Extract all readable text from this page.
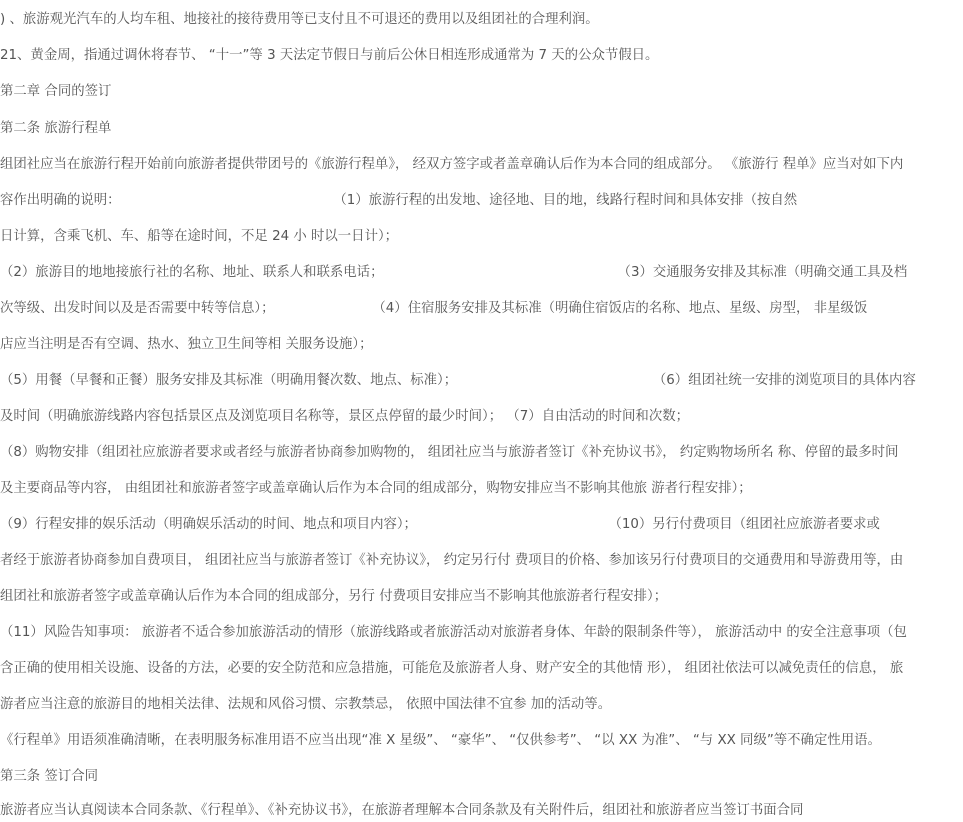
) 、旅游观光汽车的人均车租、地接社的接待费用等已支付且不可退还的费用以及组团社的合理利润。
21、黄金周，指通过调休将春节、 “十一”等 3 天法定节假日与前后公休日相连形成通常为 7 天的公众节假日。
第二章 合同的签订
第二条 旅游行程单
组团社应当在旅游行程开始前向旅游者提供带团号的《旅游行程单》， 经双方签字或者盖章确认后作为本合同的组成部分。 《旅游行 程单》应当对如下内
容作出明确的说明：                                                  （1）旅游行程的出发地、途径地、目的地，线路行程时间和具体安排（按自然
日计算，含乘飞机、车、船等在途时间，不足 24 小 时以一日计）；
（2）旅游目的地地接旅行社的名称、地址、联系人和联系电话；                                                       （3）交通服务安排及其标准（明确交通工具及档
次等级、出发时间以及是否需要中转等信息）；                       （4）住宿服务安排及其标准（明确住宿饭店的名称、地点、星级、房型， 非星级饭
店应当注明是否有空调、热水、独立卫生间等相 关服务设施）；
（5）用餐（早餐和正餐）服务安排及其标准（明确用餐次数、地点、标准）；                                              （6）组团社统一安排的浏览项目的具体内容
及时间（明确旅游线路内容包括景区点及浏览项目名称等，景区点停留的最少时间）； （7）自由活动的时间和次数；
（8）购物安排（组团社应旅游者要求或者经与旅游者协商参加购物的， 组团社应当与旅游者签订《补充协议书》， 约定购物场所名 称、停留的最多时间
及主要商品等内容， 由组团社和旅游者签字或盖章确认后作为本合同的组成部分，购物安排应当不影响其他旅 游者行程安排）；
（9）行程安排的娱乐活动（明确娱乐活动的时间、地点和项目内容）；                                             （10）另行付费项目（组团社应旅游者要求或
者经于旅游者协商参加自费项目， 组团社应当与旅游者签订《补充协议》， 约定另行付 费项目的价格、参加该另行付费项目的交通费用和导游费用等，由
组团社和旅游者签字或盖章确认后作为本合同的组成部分，另行 付费项目安排应当不影响其他旅游者行程安排）；
（11）风险告知事项： 旅游者不适合参加旅游活动的情形（旅游线路或者旅游活动对旅游者身体、年龄的限制条件等）， 旅游活动中 的安全注意事项（包
含正确的使用相关设施、设备的方法，必要的安全防范和应急措施，可能危及旅游者人身、财产安全的其他情 形）， 组团社依法可以减免责任的信息， 旅
游者应当注意的旅游目的地相关法律、法规和风俗习惯、宗教禁忌， 依照中国法律不宜参 加的活动等。
《行程单》用语须准确清晰，在表明服务标准用语不应当出现“准 X 星级”、 “豪华”、 “仅供参考”、 “以 XX 为准”、 “与 XX 同级”等不确定性用语。
第三条 签订合同
旅游者应当认真阅读本合同条款、《行程单》、《补充协议书》，在旅游者理解本合同条款及有关附件后，组团社和旅游者应当签订书面合同
